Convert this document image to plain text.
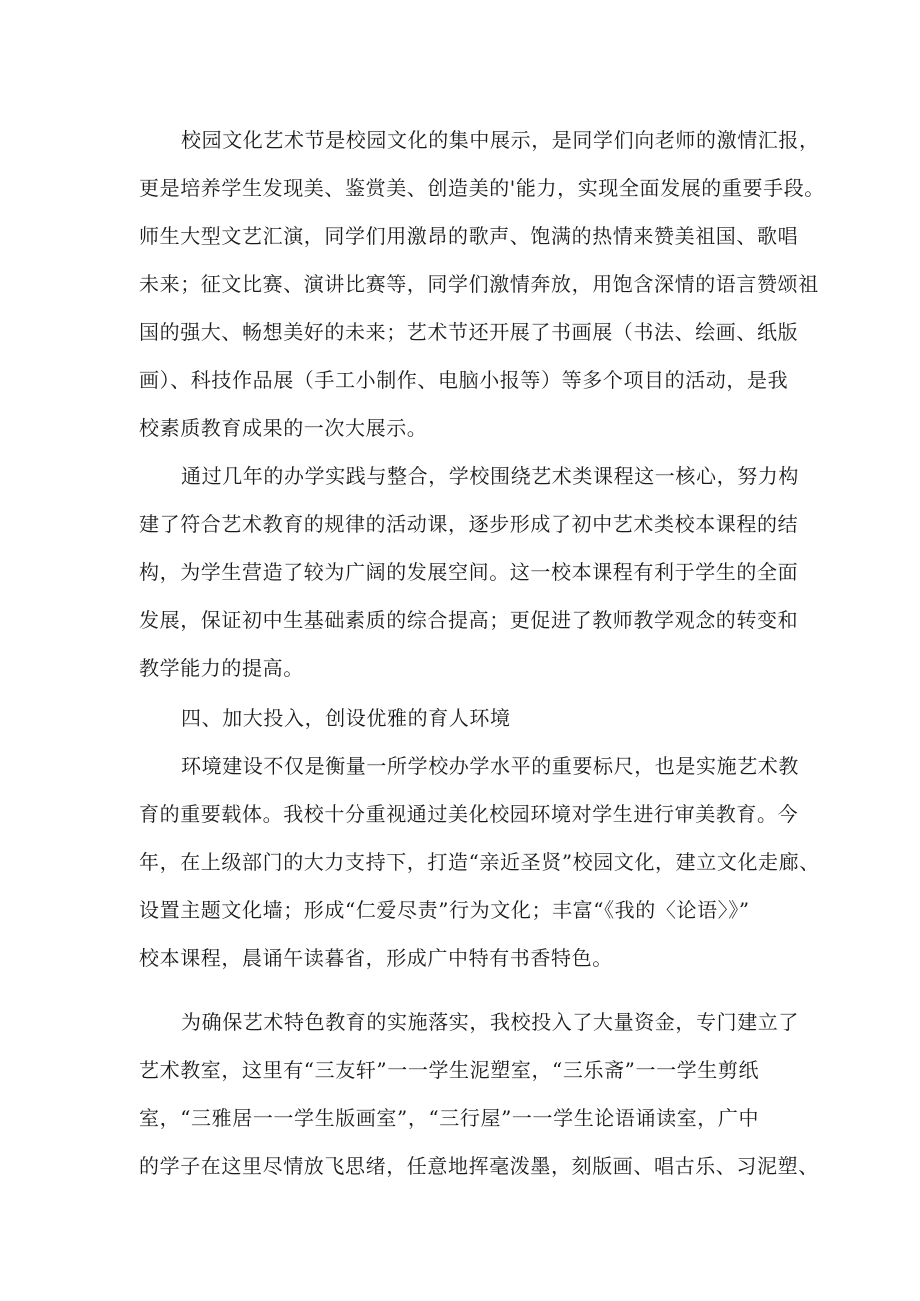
校园文化艺术节是校园文化的集中展示，是同学们向老师的激情汇报，
更是培养学生发现美、鉴赏美、创造美的'能力，实现全面发展的重要手段。
师生大型文艺汇演，同学们用激昂的歌声、饱满的热情来赞美祖国、歌唱
未来；征文比赛、演讲比赛等，同学们激情奔放，用饱含深情的语言赞颂祖
国的强大、畅想美好的未来；艺术节还开展了书画展（书法、绘画、纸版
画）、科技作品展（手工小制作、电脑小报等）等多个项目的活动，是我
校素质教育成果的一次大展示。
通过几年的办学实践与整合，学校围绕艺术类课程这一核心，努力构
建了符合艺术教育的规律的活动课，逐步形成了初中艺术类校本课程的结
构，为学生营造了较为广阔的发展空间。这一校本课程有利于学生的全面
发展，保证初中生基础素质的综合提高；更促进了教师教学观念的转变和
教学能力的提高。
四、加大投入，创设优雅的育人环境
环境建设不仅是衡量一所学校办学水平的重要标尺，也是实施艺术教
育的重要载体。我校十分重视通过美化校园环境对学生进行审美教育。今
年，在上级部门的大力支持下，打造“亲近圣贤”校园文化，建立文化走廊、
设置主题文化墙；形成“仁爱尽责”行为文化；丰富“《我的〈论语〉》”
校本课程，晨诵午读暮省，形成广中特有书香特色。
为确保艺术特色教育的实施落实，我校投入了大量资金，专门建立了
艺术教室，这里有“三友轩”一一学生泥塑室，“三乐斋”一一学生剪纸
室，“三雅居一一学生版画室”，“三行屋”一一学生论语诵读室，广中
的学子在这里尽情放飞思绪，任意地挥毫泼墨，刻版画、唱古乐、习泥塑、
